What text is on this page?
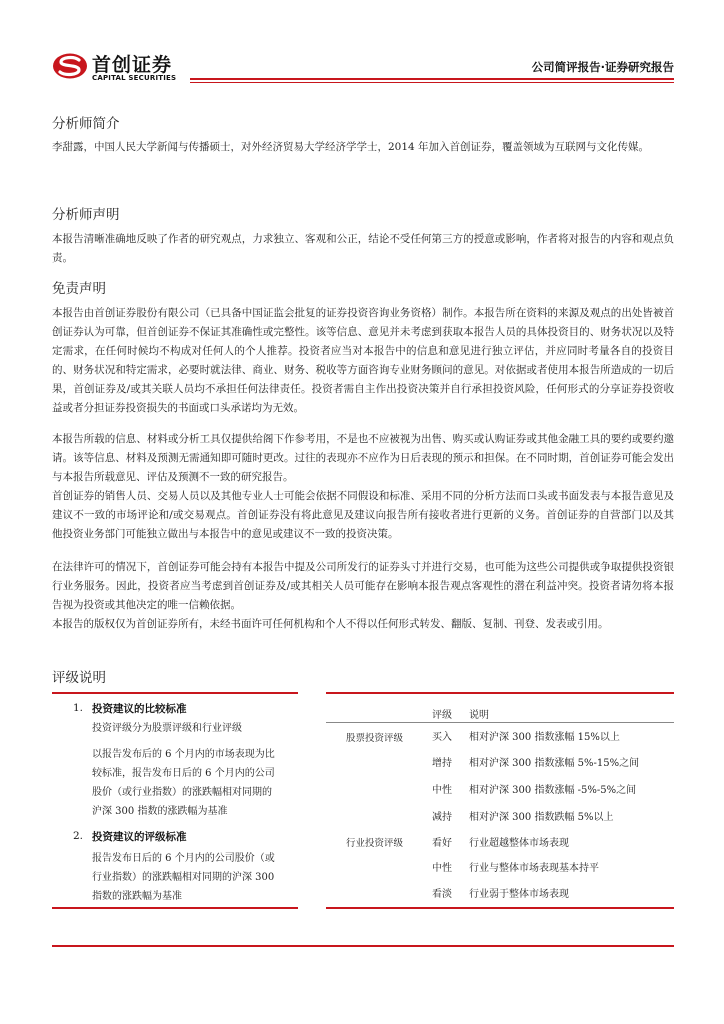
首创证券
CAPITAL SECURITIES
公司简评报告·证券研究报告
分析师简介

李甜露，中国人民大学新闻与传播硕士，对外经济贸易大学经济学学士，2014 年加入首创证券，覆盖领域为互联网与文化传媒。

分析师声明

本报告清晰准确地反映了作者的研究观点，力求独立、客观和公正，结论不受任何第三方的授意或影响，作者将对报告的内容和观点负责。

免责声明

本报告由首创证券股份有限公司（已具备中国证监会批复的证券投资咨询业务资格）制作。本报告所在资料的来源及观点的出处皆被首创证券认为可靠，但首创证券不保证其准确性或完整性。该等信息、意见并未考虑到获取本报告人员的具体投资目的、财务状况以及特定需求，在任何时候均不构成对任何人的个人推荐。投资者应当对本报告中的信息和意见进行独立评估，并应同时考量各自的投资目的、财务状况和特定需求，必要时就法律、商业、财务、税收等方面咨询专业财务顾问的意见。对依据或者使用本报告所造成的一切后果，首创证券及/或其关联人员均不承担任何法律责任。投资者需自主作出投资决策并自行承担投资风险，任何形式的分享证券投资收益或者分担证券投资损失的书面或口头承诺均为无效。

本报告所载的信息、材料或分析工具仅提供给阁下作参考用，不是也不应被视为出售、购买或认购证券或其他金融工具的要约或要约邀请。该等信息、材料及预测无需通知即可随时更改。过往的表现亦不应作为日后表现的预示和担保。在不同时期，首创证券可能会发出与本报告所载意见、评估及预测不一致的研究报告。

首创证券的销售人员、交易人员以及其他专业人士可能会依据不同假设和标准、采用不同的分析方法而口头或书面发表与本报告意见及建议不一致的市场评论和/或交易观点。首创证券没有将此意见及建议向报告所有接收者进行更新的义务。首创证券的自营部门以及其他投资业务部门可能独立做出与本报告中的意见或建议不一致的投资决策。

在法律许可的情况下，首创证券可能会持有本报告中提及公司所发行的证券头寸并进行交易，也可能为这些公司提供或争取提供投资银行业务服务。因此，投资者应当考虑到首创证券及/或其相关人员可能存在影响本报告观点客观性的潜在利益冲突。投资者请勿将本报告视为投资或其他决定的唯一信赖依据。

本报告的版权仅为首创证券所有，未经书面许可任何机构和个人不得以任何形式转发、翻版、复制、刊登、发表或引用。

评级说明
1. 投资建议的比较标准
投资评级分为股票评级和行业评级
以报告发布后的 6 个月内的市场表现为比
较标准，报告发布日后的 6 个月内的公司
股价（或行业指数）的涨跌幅相对同期的
沪深 300 指数的涨跌幅为基准
2. 投资建议的评级标准
报告发布日后的 6 个月内的公司股价（或
行业指数）的涨跌幅相对同期的沪深 300
指数的涨跌幅为基准
评级 说明
股票投资评级	买入 相对沪深 300 指数涨幅 15%以上
增持 相对沪深 300 指数涨幅 5%-15%之间
中性 相对沪深 300 指数涨幅 -5%-5%之间
减持 相对沪深 300 指数跌幅 5%以上
行业投资评级	看好 行业超越整体市场表现
中性 行业与整体市场表现基本持平
看淡 行业弱于整体市场表现
